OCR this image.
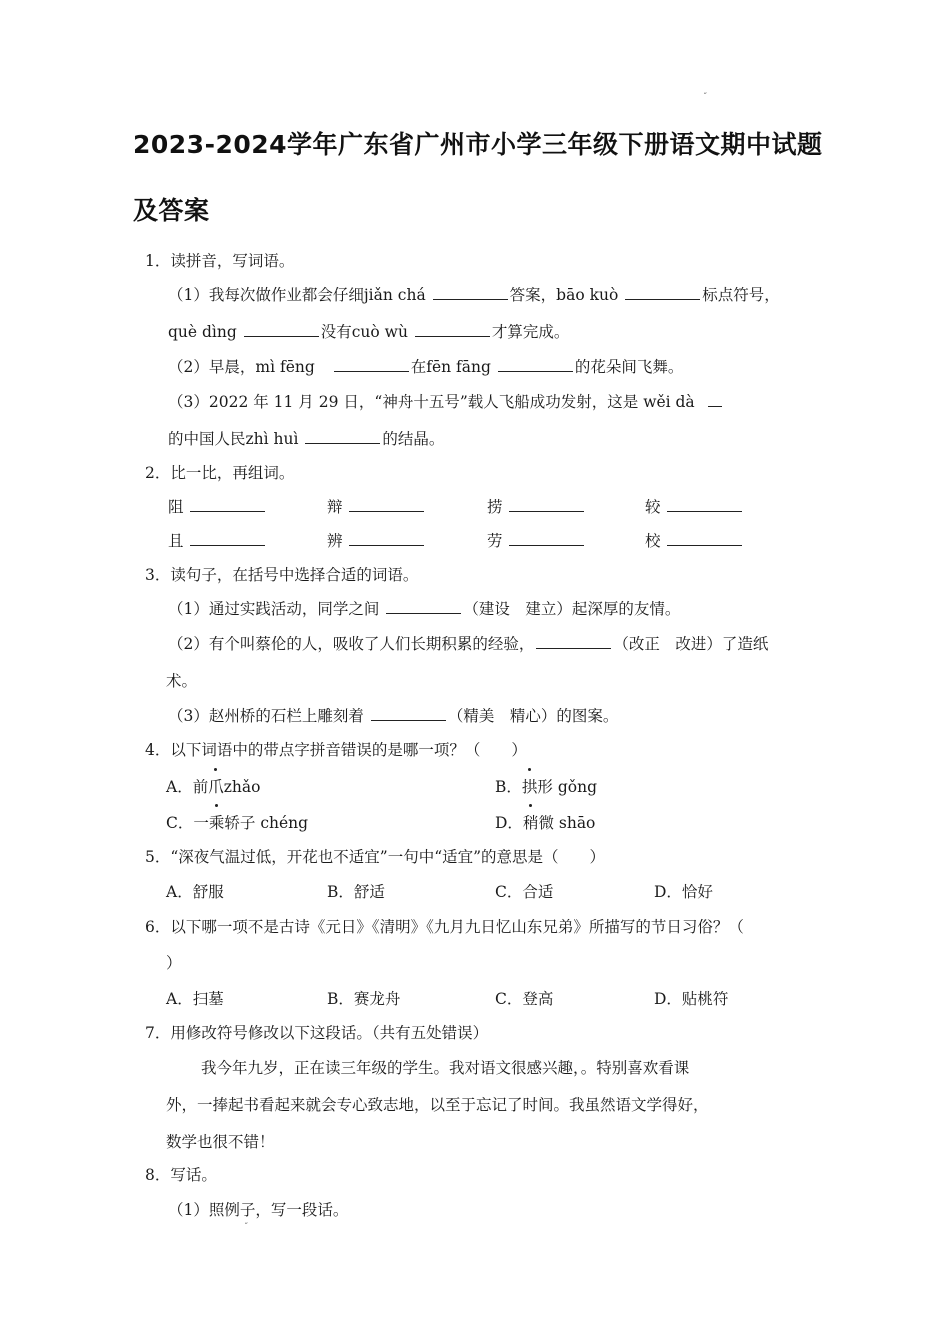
˝
2023-2024学年广东省广州市小学三年级下册语文期中试题
及答案
1．读拼音，写词语。
（1）我每次做作业都会仔细jiǎn chá	答案，bāo kuò	标点符号，
què dìng	没有cuò wù	才算完成。
（2）早晨，mì fēng	在fēn fāng	的花朵间飞舞。
（3）2022 年 11 月 29 日，“神舟十五号”载人飞船成功发射，这是 wěi dà
的中国人民zhì huì	的结晶。
2．比一比，再组词。
阻	辩	捞	较
且	辨	劳	校
3．读句子，在括号中选择合适的词语。
（1）通过实践活动，同学之间	（建设　建立）起深厚的友情。
（2）有个叫蔡伦的人，吸收了人们长期积累的经验，	（改正　改进）了造纸
术。
（3）赵州桥的石栏上雕刻着	（精美　精心）的图案。
4．以下词语中的带点字拼音错误的是哪一项？（　　）
A．前爪zhǎo	B．拱形 gǒng
C．一乘轿子 chéng	D．稍微 shāo
5．“深夜气温过低，开花也不适宜”一句中“适宜”的意思是（　　）
A．舒服	B．舒适	C．合适	D．恰好
6．以下哪一项不是古诗《元日》《清明》《九月九日忆山东兄弟》所描写的节日习俗？（
）
A．扫墓	B．赛龙舟	C．登高	D．贴桃符
7．用修改符号修改以下这段话。（共有五处错误）
我今年九岁，正在读三年级的学生。我对语文很感兴趣，。特别喜欢看课
外，一捧起书看起来就会专心致志地，以至于忘记了时间。我虽然语文学得好，
数学也很不错！
8．写话。
（1）照例子，写一段话。
˝
